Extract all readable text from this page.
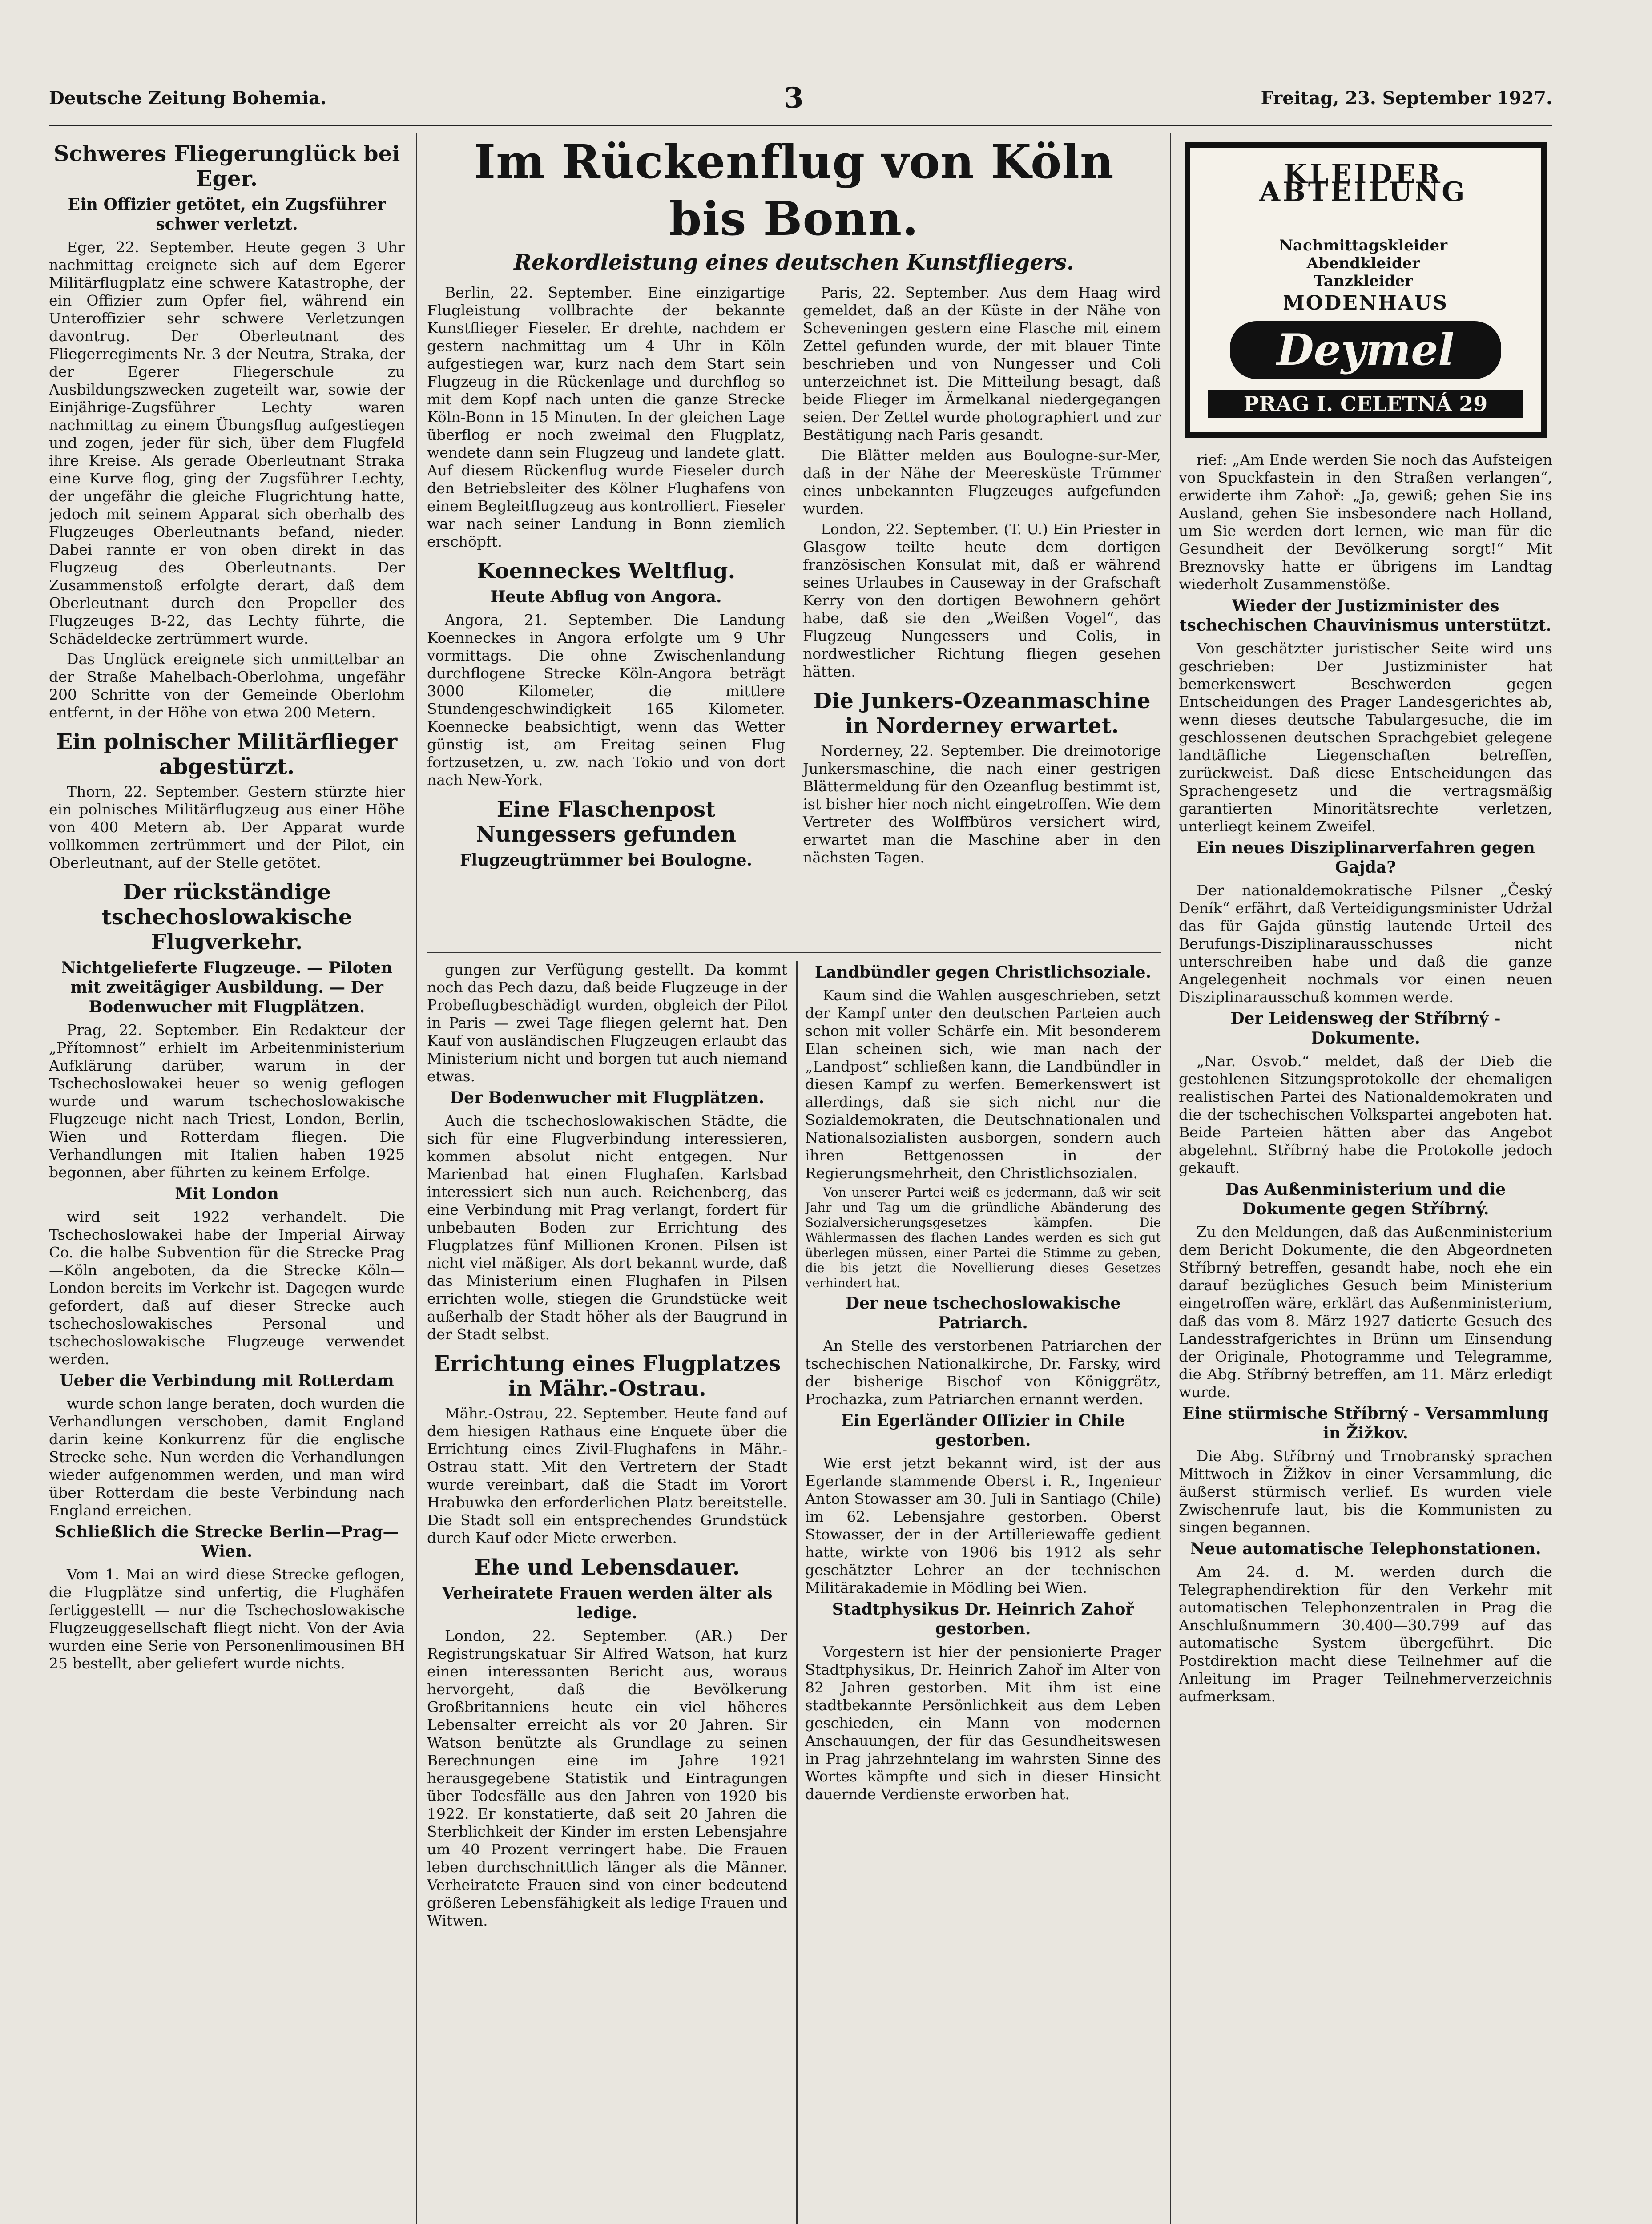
Deutsche Zeitung Bohemia.	3	Freitag, 23. September 1927.
Schweres Fliegerunglück bei Eger.
Ein Offizier getötet, ein Zugsführer schwer verletzt.

Eger, 22. September. Heute gegen 3 Uhr nachmittag ereignete sich auf dem Egerer Militärflugplatz eine schwere Katastrophe, der ein Offizier zum Opfer fiel, während ein Unteroffizier sehr schwere Verletzungen davontrug. Der Oberleutnant des Fliegerregiments Nr. 3 der Neutra, Straka, der der Egerer Fliegerschule zu Ausbildungszwecken zugeteilt war, sowie der Einjährige-Zugsführer Lechty waren nachmittag zu einem Übungsflug aufgestiegen und zogen, jeder für sich, über dem Flugfeld ihre Kreise. Als gerade Oberleutnant Straka eine Kurve flog, ging der Zugsführer Lechty, der ungefähr die gleiche Flugrichtung hatte, jedoch mit seinem Apparat sich oberhalb des Flugzeuges Oberleutnants befand, nieder. Dabei rannte er von oben direkt in das Flugzeug des Oberleutnants. Der Zusammenstoß erfolgte derart, daß dem Oberleutnant durch den Propeller des Flugzeuges B-22, das Lechty führte, die Schädeldecke zertrümmert wurde.

Das Unglück ereignete sich unmittelbar an der Straße Mahelbach-Oberlohma, ungefähr 200 Schritte von der Gemeinde Oberlohm entfernt, in der Höhe von etwa 200 Metern.

Ein polnischer Militärflieger abgestürzt.

Thorn, 22. September. Gestern stürzte hier ein polnisches Militärflugzeug aus einer Höhe von 400 Metern ab. Der Apparat wurde vollkommen zertrümmert und der Pilot, ein Oberleutnant, auf der Stelle getötet.

Der rückständige tschechoslowakische Flugverkehr.
Nichtgelieferte Flugzeuge. — Piloten mit zweitägiger Ausbildung. — Der Bodenwucher mit Flugplätzen.

Prag, 22. September. Ein Redakteur der „Přítomnost“ erhielt im Arbeitenministerium Aufklärung darüber, warum in der Tschechoslowakei heuer so wenig geflogen wurde und warum tschechoslowakische Flugzeuge nicht nach Triest, London, Berlin, Wien und Rotterdam fliegen. Die Verhandlungen mit Italien haben 1925 begonnen, aber führten zu keinem Erfolge.

Mit London

wird seit 1922 verhandelt. Die Tschechoslowakei habe der Imperial Airway Co. die halbe Subvention für die Strecke Prag—Köln angeboten, da die Strecke Köln—London bereits im Verkehr ist. Dagegen wurde gefordert, daß auf dieser Strecke auch tschechoslowakisches Personal und tschechoslowakische Flugzeuge verwendet werden.

Ueber die Verbindung mit Rotterdam

wurde schon lange beraten, doch wurden die Verhandlungen verschoben, damit England darin keine Konkurrenz für die englische Strecke sehe. Nun werden die Verhandlungen wieder aufgenommen werden, und man wird über Rotterdam die beste Verbindung nach England erreichen.

Schließlich die Strecke Berlin—Prag—Wien.

Vom 1. Mai an wird diese Strecke geflogen, die Flugplätze sind unfertig, die Flughäfen fertiggestellt — nur die Tschechoslowakische Flugzeuggesellschaft fliegt nicht. Von der Avia wurden eine Serie von Personenlimousinen BH 25 bestellt, aber geliefert wurde nichts.

Im Rückenflug von Köln bis Bonn.
Rekordleistung eines deutschen Kunstfliegers.

Berlin, 22. September. Eine einzigartige Flugleistung vollbrachte der bekannte Kunstflieger Fieseler. Er drehte, nachdem er gestern nachmittag um 4 Uhr in Köln aufgestiegen war, kurz nach dem Start sein Flugzeug in die Rückenlage und durchflog so mit dem Kopf nach unten die ganze Strecke Köln-Bonn in 15 Minuten. In der gleichen Lage überflog er noch zweimal den Flugplatz, wendete dann sein Flugzeug und landete glatt. Auf diesem Rückenflug wurde Fieseler durch den Betriebsleiter des Kölner Flughafens von einem Begleitflugzeug aus kontrolliert. Fieseler war nach seiner Landung in Bonn ziemlich erschöpft.

Koenneckes Weltflug.
Heute Abflug von Angora.

Angora, 21. September. Die Landung Koenneckes in Angora erfolgte um 9 Uhr vormittags. Die ohne Zwischenlandung durchflogene Strecke Köln-Angora beträgt 3000 Kilometer, die mittlere Stundengeschwindigkeit 165 Kilometer. Koennecke beabsichtigt, wenn das Wetter günstig ist, am Freitag seinen Flug fortzusetzen, u. zw. nach Tokio und von dort nach New-York.

Eine Flaschenpost Nungessers gefunden
Flugzeugtrümmer bei Boulogne.

Paris, 22. September. Aus dem Haag wird gemeldet, daß an der Küste in der Nähe von Scheveningen gestern eine Flasche mit einem Zettel gefunden wurde, der mit blauer Tinte beschrieben und von Nungesser und Coli unterzeichnet ist. Die Mitteilung besagt, daß beide Flieger im Ärmelkanal niedergegangen seien. Der Zettel wurde photographiert und zur Bestätigung nach Paris gesandt.

Die Blätter melden aus Boulogne-sur-Mer, daß in der Nähe der Meeresküste Trümmer eines unbekannten Flugzeuges aufgefunden wurden.

London, 22. September. (T. U.) Ein Priester in Glasgow teilte heute dem dortigen französischen Konsulat mit, daß er während seines Urlaubes in Causeway in der Grafschaft Kerry von den dortigen Bewohnern gehört habe, daß sie den „Weißen Vogel“, das Flugzeug Nungessers und Colis, in nordwestlicher Richtung fliegen gesehen hätten.

Die Junkers-Ozeanmaschine in Norderney erwartet.

Norderney, 22. September. Die dreimotorige Junkersmaschine, die nach einer gestrigen Blättermeldung für den Ozeanflug bestimmt ist, ist bisher hier noch nicht eingetroffen. Wie dem Vertreter des Wolffbüros versichert wird, erwartet man die Maschine aber in den nächsten Tagen.

gungen zur Verfügung gestellt. Da kommt noch das Pech dazu, daß beide Flugzeuge in der Probeflugbeschädigt wurden, obgleich der Pilot in Paris — zwei Tage fliegen gelernt hat. Den Kauf von ausländischen Flugzeugen erlaubt das Ministerium nicht und borgen tut auch niemand etwas.

Der Bodenwucher mit Flugplätzen.

Auch die tschechoslowakischen Städte, die sich für eine Flugverbindung interessieren, kommen absolut nicht entgegen. Nur Marienbad hat einen Flughafen. Karlsbad interessiert sich nun auch. Reichenberg, das eine Verbindung mit Prag verlangt, fordert für unbebauten Boden zur Errichtung des Flugplatzes fünf Millionen Kronen. Pilsen ist nicht viel mäßiger. Als dort bekannt wurde, daß das Ministerium einen Flughafen in Pilsen errichten wolle, stiegen die Grundstücke weit außerhalb der Stadt höher als der Baugrund in der Stadt selbst.

Errichtung eines Flugplatzes in Mähr.-Ostrau.

Mähr.-Ostrau, 22. September. Heute fand auf dem hiesigen Rathaus eine Enquete über die Errichtung eines Zivil-Flughafens in Mähr.-Ostrau statt. Mit den Vertretern der Stadt wurde vereinbart, daß die Stadt im Vorort Hrabuwka den erforderlichen Platz bereitstelle. Die Stadt soll ein entsprechendes Grundstück durch Kauf oder Miete erwerben.

Ehe und Lebensdauer.
Verheiratete Frauen werden älter als ledige.

London, 22. September. (AR.) Der Registrungskatuar Sir Alfred Watson, hat kurz einen interessanten Bericht aus, woraus hervorgeht, daß die Bevölkerung Großbritanniens heute ein viel höheres Lebensalter erreicht als vor 20 Jahren. Sir Watson benützte als Grundlage zu seinen Berechnungen eine im Jahre 1921 herausgegebene Statistik und Eintragungen über Todesfälle aus den Jahren von 1920 bis 1922. Er konstatierte, daß seit 20 Jahren die Sterblichkeit der Kinder im ersten Lebensjahre um 40 Prozent verringert habe. Die Frauen leben durchschnittlich länger als die Männer. Verheiratete Frauen sind von einer bedeutend größeren Lebensfähigkeit als ledige Frauen und Witwen.

Landbündler gegen Christlichsoziale.

Kaum sind die Wahlen ausgeschrieben, setzt der Kampf unter den deutschen Parteien auch schon mit voller Schärfe ein. Mit besonderem Elan scheinen sich, wie man nach der „Landpost“ schließen kann, die Landbündler in diesen Kampf zu werfen. Bemerkenswert ist allerdings, daß sie sich nicht nur die Sozialdemokraten, die Deutschnationalen und Nationalsozialisten ausborgen, sondern auch ihren Bettgenossen in der Regierungsmehrheit, den Christlichsozialen.

Von unserer Partei weiß es jedermann, daß wir seit Jahr und Tag um die gründliche Abänderung des Sozialversicherungsgesetzes kämpfen. Die Wählermassen des flachen Landes werden es sich gut überlegen müssen, einer Partei die Stimme zu geben, die bis jetzt die Novellierung dieses Gesetzes verhindert hat.

Der neue tschechoslowakische Patriarch.

An Stelle des verstorbenen Patriarchen der tschechischen Nationalkirche, Dr. Farsky, wird der bisherige Bischof von Königgrätz, Prochazka, zum Patriarchen ernannt werden.

Ein Egerländer Offizier in Chile gestorben.

Wie erst jetzt bekannt wird, ist der aus Egerlande stammende Oberst i. R., Ingenieur Anton Stowasser am 30. Juli in Santiago (Chile) im 62. Lebensjahre gestorben. Oberst Stowasser, der in der Artilleriewaffe gedient hatte, wirkte von 1906 bis 1912 als sehr geschätzter Lehrer an der technischen Militärakademie in Mödling bei Wien.

Stadtphysikus Dr. Heinrich Zahoř gestorben.

Vorgestern ist hier der pensionierte Prager Stadtphysikus, Dr. Heinrich Zahoř im Alter von 82 Jahren gestorben. Mit ihm ist eine stadtbekannte Persönlichkeit aus dem Leben geschieden, ein Mann von modernen Anschauungen, der für das Gesundheitswesen in Prag jahrzehntelang im wahrsten Sinne des Wortes kämpfte und sich in dieser Hinsicht dauernde Verdienste erworben hat.

KLEIDER ABTEILUNG
Nachmittagskleider
Abendkleider
Tanzkleider
MODENHAUS
Deymel
PRAG I. CELETNÁ 29

rief: „Am Ende werden Sie noch das Aufsteigen von Spuckfastein in den Straßen verlangen“, erwiderte ihm Zahoř: „Ja, gewiß; gehen Sie ins Ausland, gehen Sie insbesondere nach Holland, um Sie werden dort lernen, wie man für die Gesundheit der Bevölkerung sorgt!“ Mit Breznovsky hatte er übrigens im Landtag wiederholt Zusammenstöße.

Wieder der Justizminister des tschechischen Chauvinismus unterstützt.

Von geschätzter juristischer Seite wird uns geschrieben: Der Justizminister hat bemerkenswert Beschwerden gegen Entscheidungen des Prager Landesgerichtes ab, wenn dieses deutsche Tabulargesuche, die im geschlossenen deutschen Sprachgebiet gelegene landtäfliche Liegenschaften betreffen, zurückweist. Daß diese Entscheidungen das Sprachengesetz und die vertragsmäßig garantierten Minoritätsrechte verletzen, unterliegt keinem Zweifel.

Ein neues Disziplinarverfahren gegen Gajda?

Der nationaldemokratische Pilsner „Český Deník“ erfährt, daß Verteidigungsminister Udržal das für Gajda günstig lautende Urteil des Berufungs-Disziplinarausschusses nicht unterschreiben habe und daß die ganze Angelegenheit nochmals vor einen neuen Disziplinarausschuß kommen werde.

Der Leidensweg der Stříbrný - Dokumente.

„Nar. Osvob.“ meldet, daß der Dieb die gestohlenen Sitzungsprotokolle der ehemaligen realistischen Partei des Nationaldemokraten und die der tschechischen Volkspartei angeboten hat. Beide Parteien hätten aber das Angebot abgelehnt. Stříbrný habe die Protokolle jedoch gekauft.

Das Außenministerium und die Dokumente gegen Stříbrný.

Zu den Meldungen, daß das Außenministerium dem Bericht Dokumente, die den Abgeordneten Stříbrný betreffen, gesandt habe, noch ehe ein darauf bezügliches Gesuch beim Ministerium eingetroffen wäre, erklärt das Außenministerium, daß das vom 8. März 1927 datierte Gesuch des Landesstrafgerichtes in Brünn um Einsendung der Originale, Photogramme und Telegramme, die Abg. Stříbrný betreffen, am 11. März erledigt wurde.

Eine stürmische Stříbrný - Versammlung in Žižkov.

Die Abg. Stříbrný und Trnobranský sprachen Mittwoch in Žižkov in einer Versammlung, die äußerst stürmisch verlief. Es wurden viele Zwischenrufe laut, bis die Kommunisten zu singen begannen.

Neue automatische Telephonstationen.

Am 24. d. M. werden durch die Telegraphendirektion für den Verkehr mit automatischen Telephonzentralen in Prag die Anschlußnummern 30.400—30.799 auf das automatische System übergeführt. Die Postdirektion macht diese Teilnehmer auf die Anleitung im Prager Teilnehmerverzeichnis aufmerksam.
